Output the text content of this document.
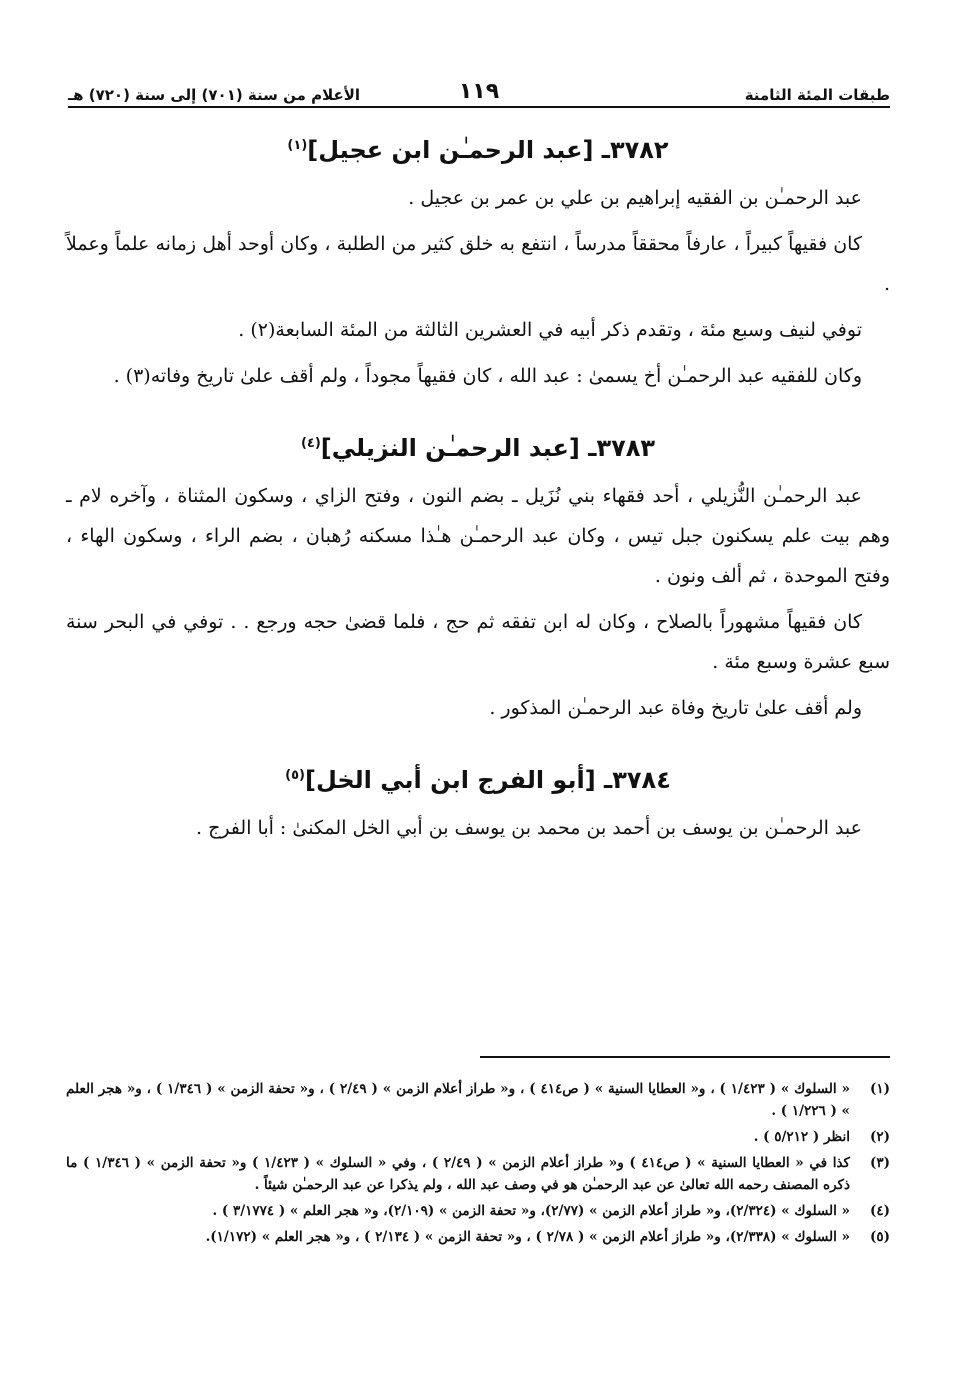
طبقات المئة الثامنة
١١٩
الأعلام من سنة (٧٠١) إلى سنة (٧٢٠) هـ
٣٧٨٢ـ [عبد الرحمـٰن ابن عجيل]$^{(١)}$

عبد الرحمـٰن بن الفقيه إبراهيم بن علي بن عمر بن عجيل .

كان فقيهاً كبيراً ، عارفاً محققاً مدرساً ، انتفع به خلق كثير من الطلبة ، وكان أوحد أهل زمانه علماً وعملاً .

توفي لنيف وسبع مئة ، وتقدم ذكر أبيه في العشرين الثالثة من المئة السابعة(٢) .

وكان للفقيه عبد الرحمـٰن أخ يسمىٰ : عبد الله ، كان فقيهاً مجوداً ، ولم أقف علىٰ تاريخ وفاته(٣) .

٣٧٨٣ـ [عبد الرحمـٰن النزيلي]$^{(٤)}$

عبد الرحمـٰن النُّزيلي ، أحد فقهاء بني نُزَيل ـ بضم النون ، وفتح الزاي ، وسكون المثناة ، وآخره لام ـ وهم بيت علم يسكنون جبل تيس ، وكان عبد الرحمـٰن هـٰذا مسكنه رُهبان ، بضم الراء ، وسكون الهاء ، وفتح الموحدة ، ثم ألف ونون .

كان فقيهاً مشهوراً بالصلاح ، وكان له ابن تفقه ثم حج ، فلما قضىٰ حجه ورجع . . توفي في البحر سنة سبع عشرة وسبع مئة .

ولم أقف علىٰ تاريخ وفاة عبد الرحمـٰن المذكور .

٣٧٨٤ـ [أبو الفرج ابن أبي الخل]$^{(٥)}$

عبد الرحمـٰن بن يوسف بن أحمد بن محمد بن يوسف بن أبي الخل المكنىٰ : أبا الفرج .

(١)
« السلوك » ( ١/٤٢٣ ) ، و« العطايا السنية » ( ص٤١٤ ) ، و« طراز أعلام الزمن » ( ٢/٤٩ ) ، و« تحفة الزمن » ( ١/٣٤٦ ) ، و« هجر العلم » ( ١/٢٢٦ ) .
(٢)
انظر ( ٥/٢١٢ ) .
(٣)
كذا في « العطايا السنية » ( ص٤١٤ ) و« طراز أعلام الزمن » ( ٢/٤٩ ) ، وفي « السلوك » ( ١/٤٢٣ ) و« تحفة الزمن » ( ١/٣٤٦ ) ما ذكره المصنف رحمه الله تعالىٰ عن عبد الرحمـٰن هو في وصف عبد الله ، ولم يذكرا عن عبد الرحمـٰن شيئاً .
(٤)
« السلوك » (٢/٣٢٤)، و« طراز أعلام الزمن » (٢/٧٧)، و« تحفة الزمن » (٢/١٠٩)، و« هجر العلم » ( ٣/١٧٧٤ ) .
(٥)
« السلوك » (٢/٣٣٨)، و« طراز أعلام الزمن » ( ٢/٧٨ ) ، و« تحفة الزمن » ( ٢/١٣٤ ) ، و« هجر العلم » (١/١٧٢).
